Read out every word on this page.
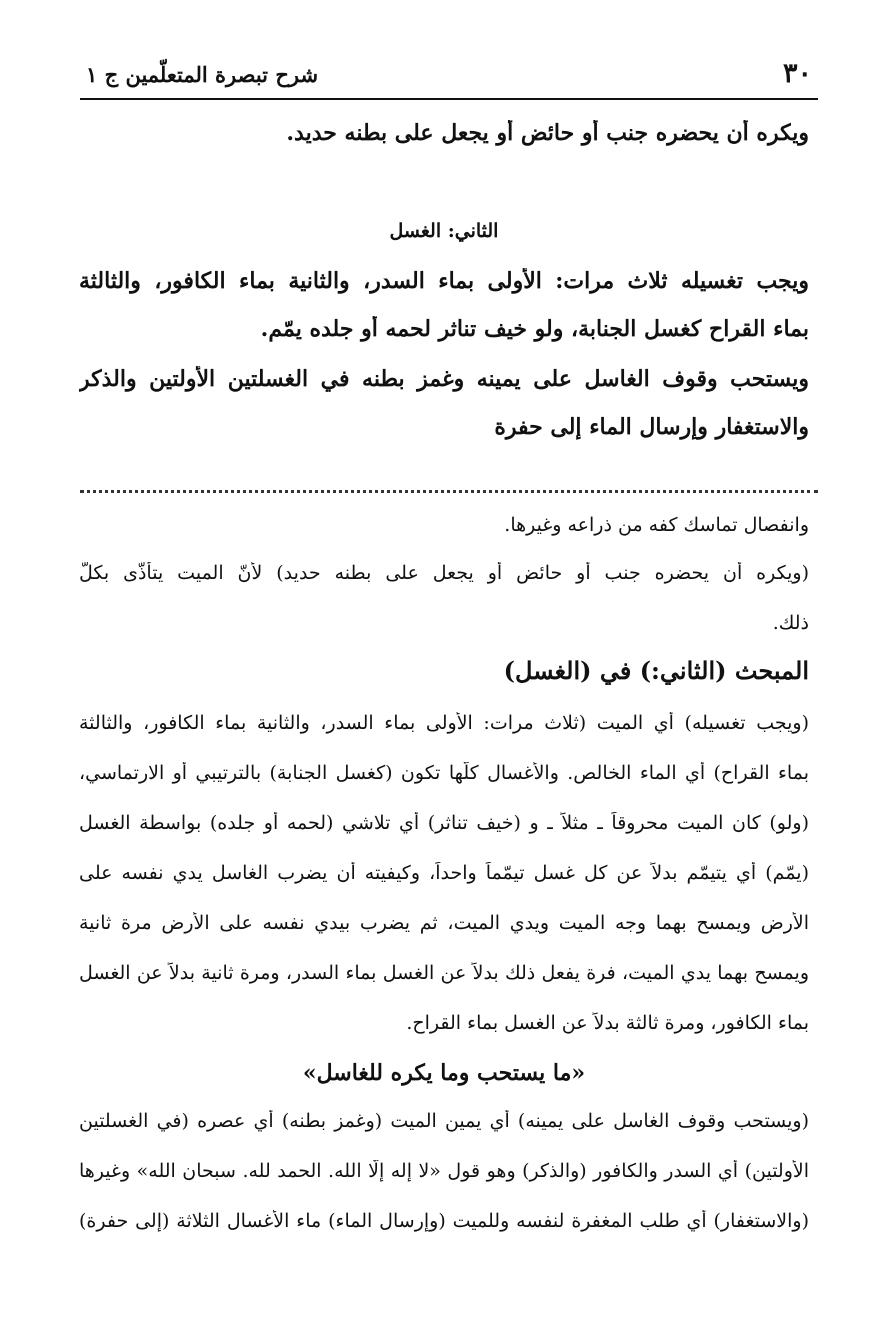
٣٠
شرح تبصرة المتعلّمين ج ١
ويكره أن يحضره جنب أو حائض أو يجعل على بطنه حديد.
الثاني: الغسل
ويجب تغسيله ثلاث مرات: الأولى بماء السدر، والثانية بماء الكافور، والثالثة
بماء القراح كغسل الجنابة، ولو خيف تناثر لحمه أو جلده يمّم.
ويستحب وقوف الغاسل على يمينه وغمز بطنه في الغسلتين الأولتين والذكر
والاستغفار وإرسال الماء إلى حفرة
وانفصال تماسك كفه من ذراعه وغيرها.
(ويكره أن يحضره جنب أو حائض أو يجعل على بطنه حديد) لأنّ الميت يتأذّى بكلّ
ذلك.
المبحث (الثاني:) في (الغسل)
(ويجب تغسيله) أي الميت (ثلاث مرات: الأولى بماء السدر، والثانية بماء الكافور، والثالثة
بماء القراح) أي الماء الخالص. والأغسال كلّها تكون (كغسل الجنابة) بالترتيبي أو الارتماسي،
(ولو) كان الميت محروقاً ـ مثلاً ـ و (خيف تناثر) أي تلاشي (لحمه أو جلده) بواسطة الغسل
(يمّم) أي يتيمّم بدلاً عن كل غسل تيمّماً واحداً، وكيفيته أن يضرب الغاسل يدي نفسه على
الأرض ويمسح بهما وجه الميت ويدي الميت، ثم يضرب بيدي نفسه على الأرض مرة ثانية
ويمسح بهما يدي الميت، فرة يفعل ذلك بدلاً عن الغسل بماء السدر، ومرة ثانية بدلاً عن الغسل
بماء الكافور، ومرة ثالثة بدلاً عن الغسل بماء القراح.
«ما يستحب وما يكره للغاسل»
(ويستحب وقوف الغاسل على يمينه) أي يمين الميت (وغمز بطنه) أي عصره (في الغسلتين
الأولتين) أي السدر والكافور (والذكر) وهو قول «لا إله إلّا الله. الحمد لله. سبحان الله» وغيرها
(والاستغفار) أي طلب المغفرة لنفسه وللميت (وإرسال الماء) ماء الأغسال الثلاثة (إلى حفرة)
